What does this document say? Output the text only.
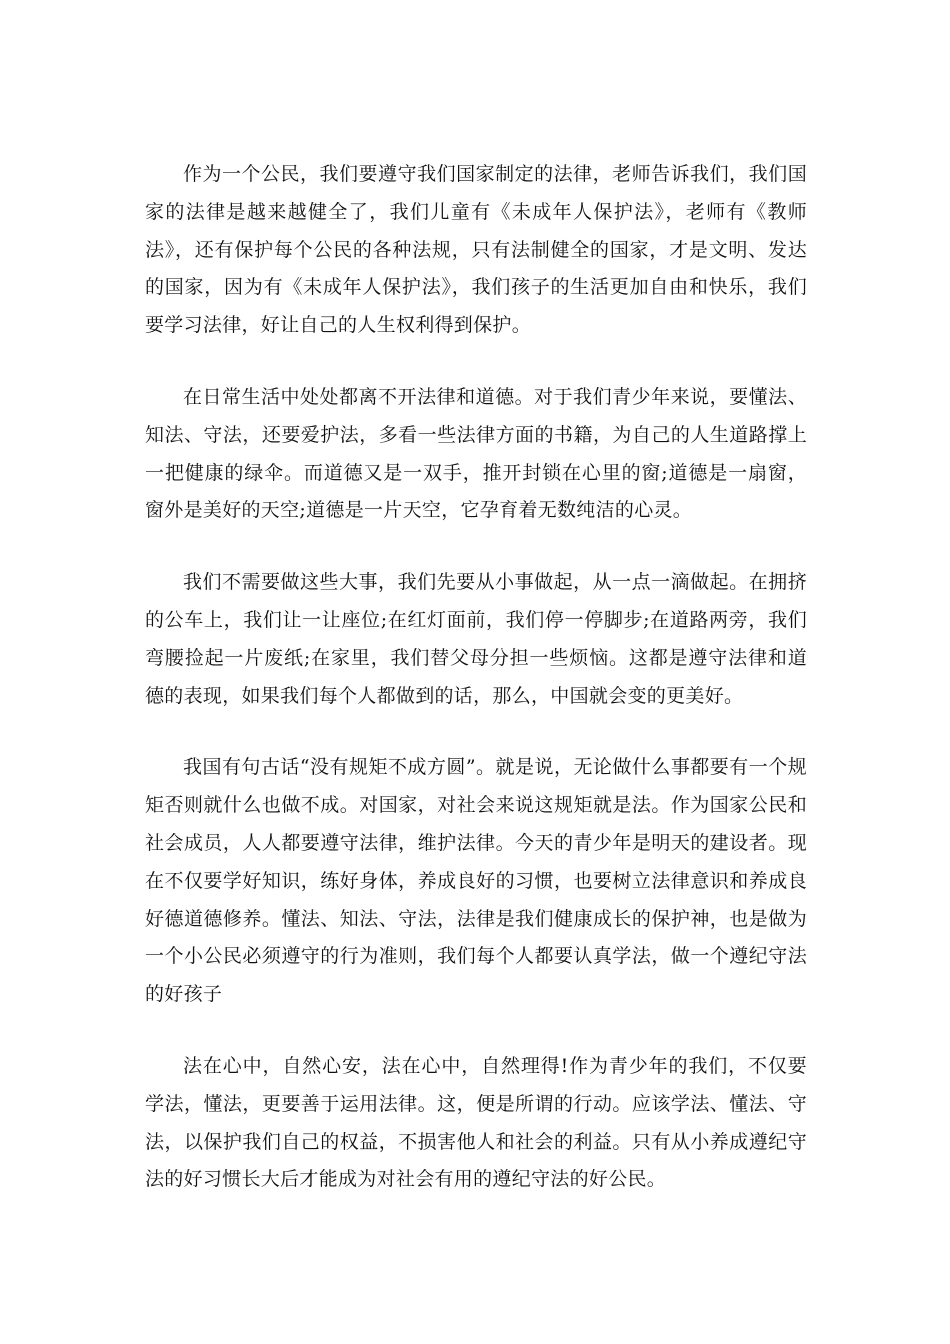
作为一个公民，我们要遵守我们国家制定的法律，老师告诉我们，我们国家的法律是越来越健全了，我们儿童有《未成年人保护法》，老师有《教师法》，还有保护每个公民的各种法规，只有法制健全的国家，才是文明、发达的国家，因为有《未成年人保护法》，我们孩子的生活更加自由和快乐，我们要学习法律，好让自己的人生权利得到保护。

在日常生活中处处都离不开法律和道德。对于我们青少年来说，要懂法、知法、守法，还要爱护法，多看一些法律方面的书籍，为自己的人生道路撑上一把健康的绿伞。而道德又是一双手，推开封锁在心里的窗;道德是一扇窗，窗外是美好的天空;道德是一片天空，它孕育着无数纯洁的心灵。

我们不需要做这些大事，我们先要从小事做起，从一点一滴做起。在拥挤的公车上，我们让一让座位;在红灯面前，我们停一停脚步;在道路两旁，我们弯腰捡起一片废纸;在家里，我们替父母分担一些烦恼。这都是遵守法律和道德的表现，如果我们每个人都做到的话，那么，中国就会变的更美好。

我国有句古话“没有规矩不成方圆”。就是说，无论做什么事都要有一个规矩否则就什么也做不成。对国家，对社会来说这规矩就是法。作为国家公民和社会成员，人人都要遵守法律，维护法律。今天的青少年是明天的建设者。现在不仅要学好知识，练好身体，养成良好的习惯，也要树立法律意识和养成良好德道德修养。懂法、知法、守法，法律是我们健康成长的保护神，也是做为一个小公民必须遵守的行为准则，我们每个人都要认真学法，做一个遵纪守法的好孩子

法在心中，自然心安，法在心中，自然理得!作为青少年的我们，不仅要学法，懂法，更要善于运用法律。这，便是所谓的行动。应该学法、懂法、守法，以保护我们自己的权益，不损害他人和社会的利益。只有从小养成遵纪守法的好习惯长大后才能成为对社会有用的遵纪守法的好公民。
